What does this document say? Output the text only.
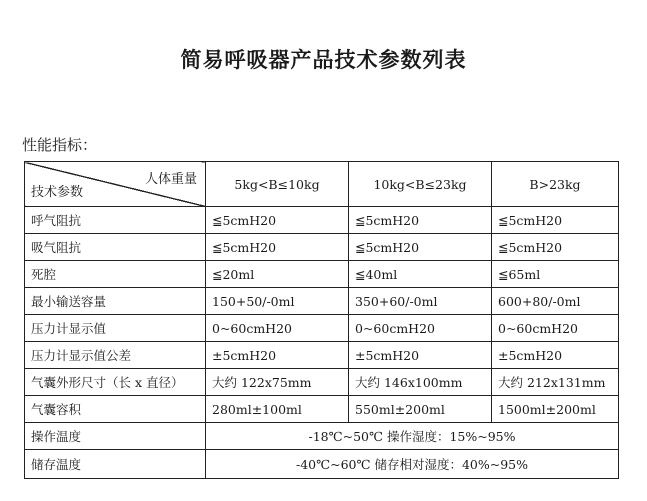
简易呼吸器产品技术参数列表
性能指标：
人体重量
技术参数	5kg<B≤10kg	10kg<B≤23kg	B>23kg
呼气阻抗	≦5cmH20	≦5cmH20	≦5cmH20
吸气阻抗	≦5cmH20	≦5cmH20	≦5cmH20
死腔	≦20ml	≦40ml	≦65ml
最小输送容量	150+50/-0ml	350+60/-0ml	600+80/-0ml
压力计显示值	0~60cmH20	0~60cmH20	0~60cmH20
压力计显示值公差	±5cmH20	±5cmH20	±5cmH20
气囊外形尺寸（长 x 直径）	大约 122x75mm	大约 146x100mm	大约 212x131mm
气囊容积	280ml±100ml	550ml±200ml	1500ml±200ml
操作温度	-18℃~50℃ 操作湿度：15%~95%		
储存温度	-40℃~60℃ 储存相对湿度：40%~95%		
